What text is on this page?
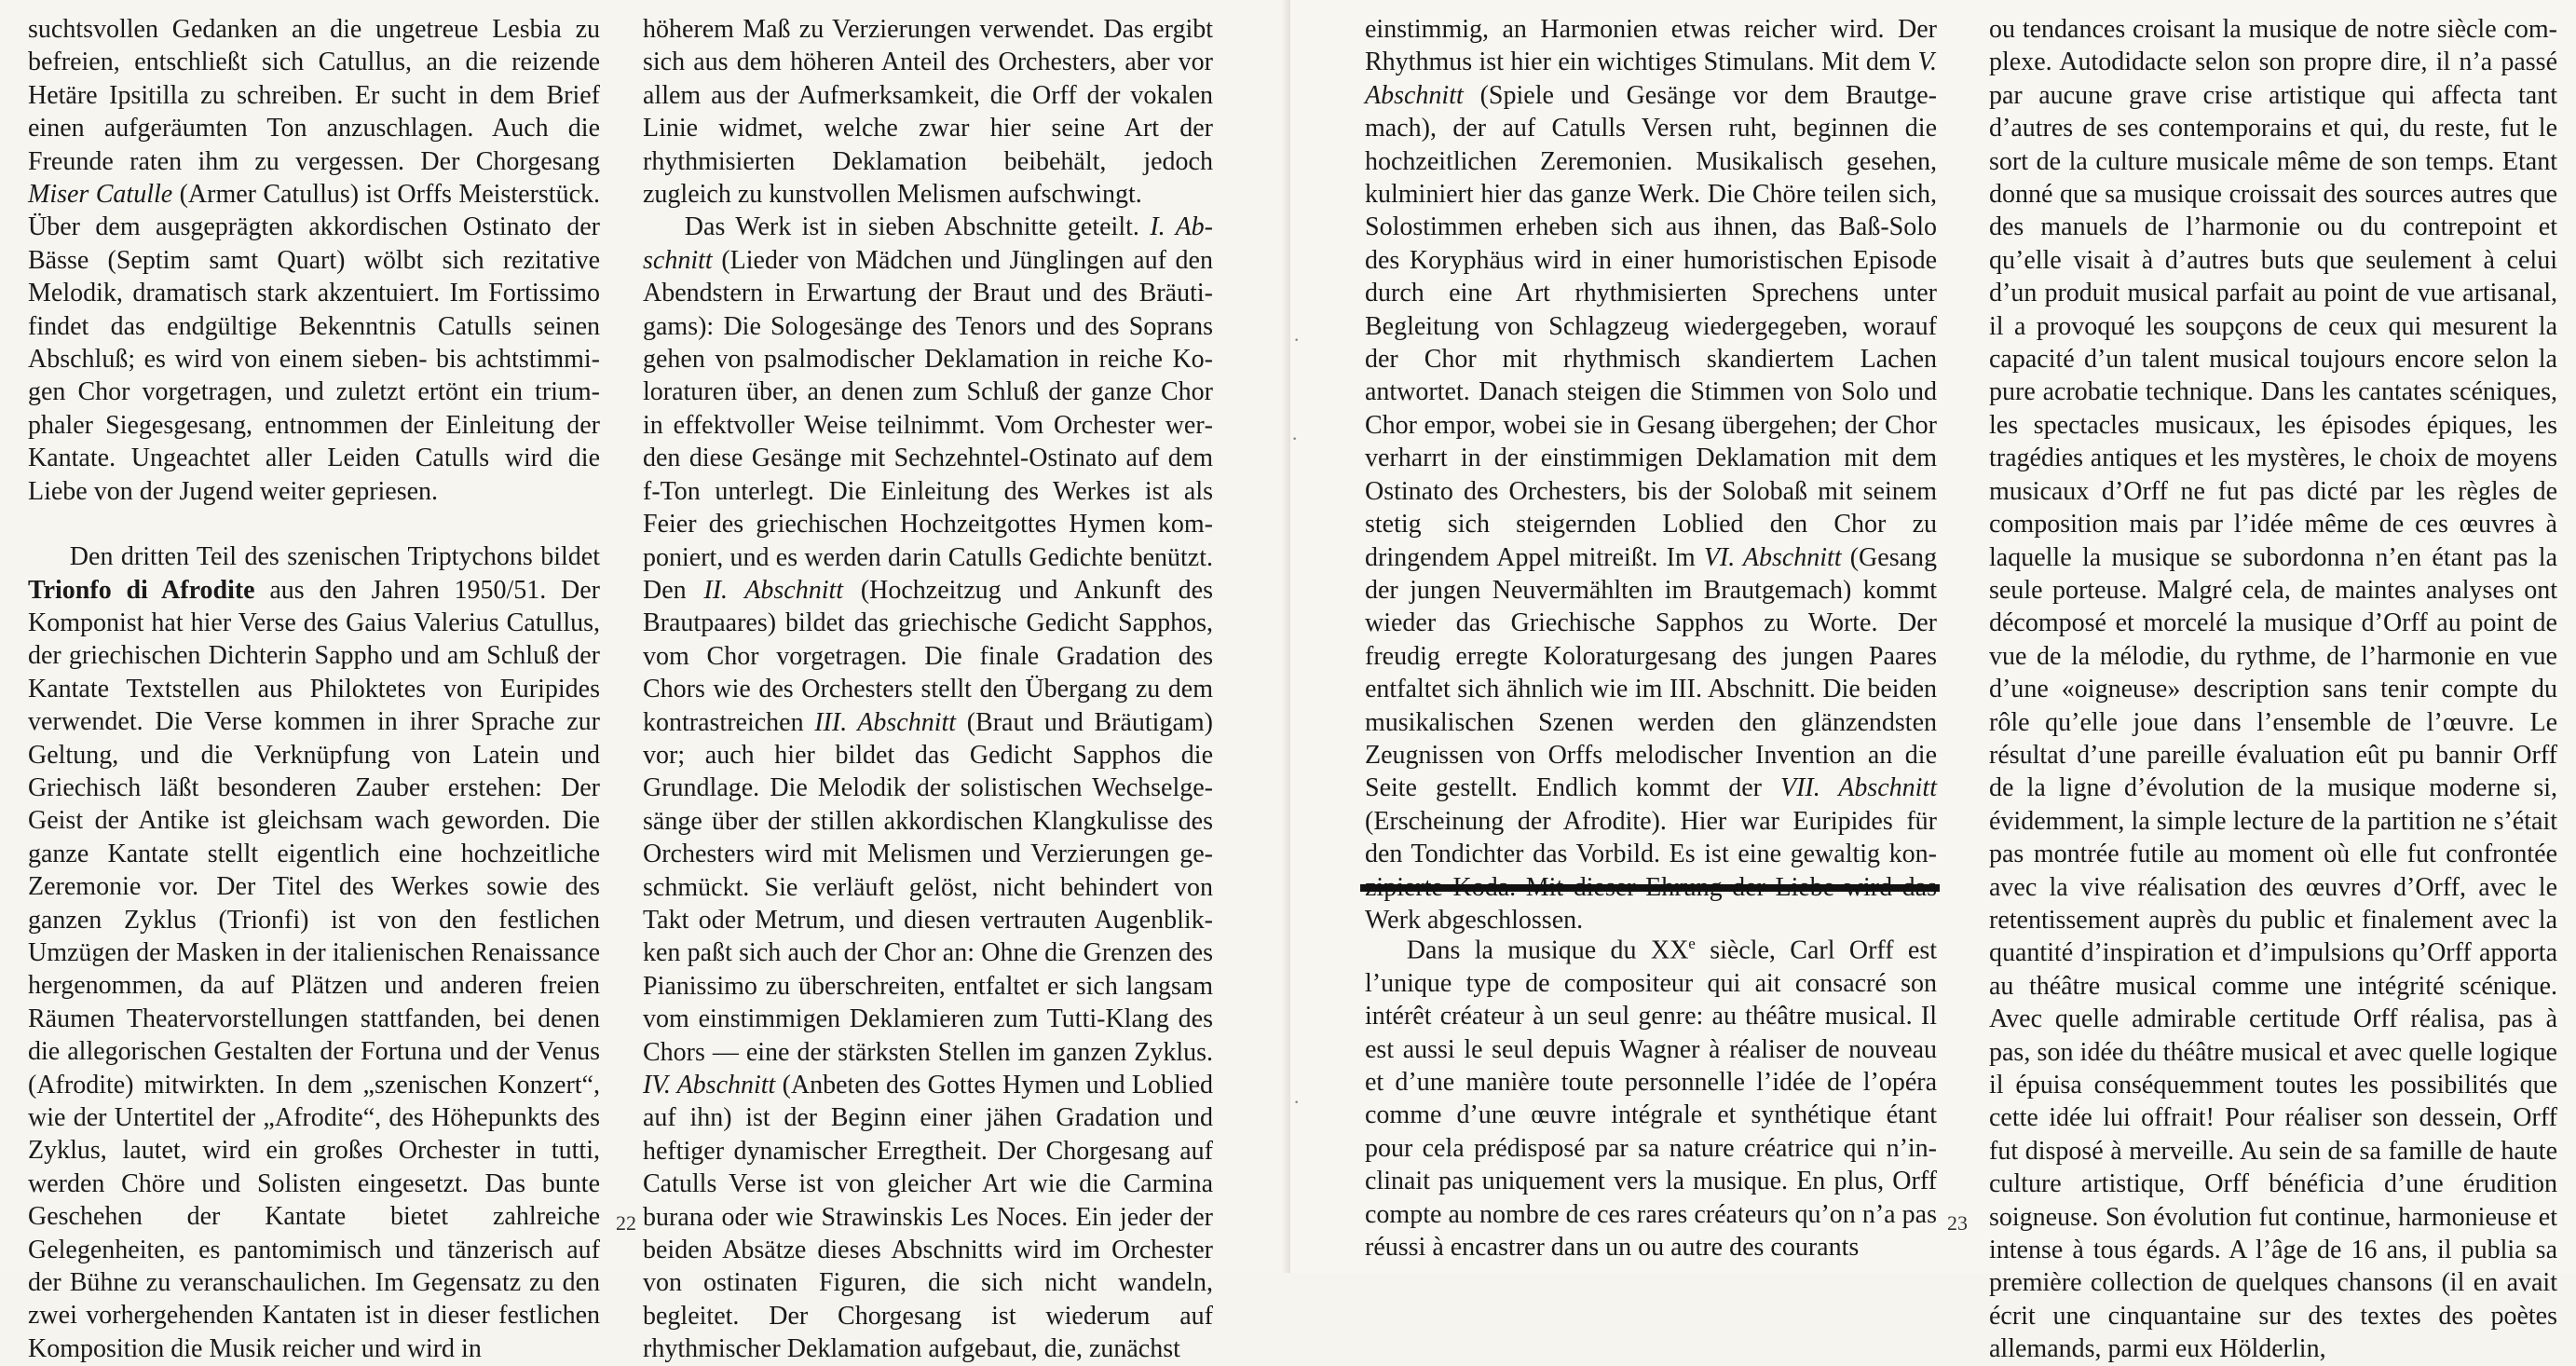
suchtsvollen Gedanken an die ungetreue Lesbia zu befreien, entschließt sich Catullus, an die reizende Hetäre Ipsitilla zu schreiben. Er sucht in dem Brief einen aufgeräumten Ton anzuschlagen. Auch die Freunde raten ihm zu vergessen. Der Chorgesang Miser Catulle (Armer Catullus) ist Orffs Meisterstück. Über dem ausgeprägten akkordischen Ostinato der Bässe (Septim samt Quart) wölbt sich rezitative Melodik, dramatisch stark akzentuiert. Im Fortissimo findet das endgültige Bekenntnis Catulls seinen Abschluß; es wird von einem sieben- bis achtstimmigen Chor vorgetragen, und zuletzt ertönt ein triumphaler Siegesgesang, entnommen der Einleitung der Kantate. Ungeachtet aller Leiden Catulls wird die Liebe von der Jugend weiter gepriesen.

Den dritten Teil des szenischen Triptychons bildet Trionfo di Afrodite aus den Jahren 1950/51. Der Komponist hat hier Verse des Gaius Valerius Catullus, der griechischen Dichterin Sappho und am Schluß der Kantate Textstellen aus Philoktetes von Euripides verwendet. Die Verse kommen in ihrer Sprache zur Geltung, und die Verknüpfung von Latein und Griechisch läßt besonderen Zauber erstehen: Der Geist der Antike ist gleichsam wach geworden. Die ganze Kantate stellt eigentlich eine hochzeitliche Zeremonie vor. Der Titel des Werkes sowie des ganzen Zyklus (Trionfi) ist von den festlichen Umzügen der Masken in der italienischen Renaissance hergenommen, da auf Plätzen und anderen freien Räumen Theatervorstellungen stattfanden, bei denen die allegorischen Gestalten der Fortuna und der Venus (Afrodite) mitwirkten. In dem „szenischen Konzert“, wie der Untertitel der „Afrodite“, des Höhepunkts des Zyklus, lautet, wird ein großes Orchester in tutti, werden Chöre und Solisten eingesetzt. Das bunte Geschehen der Kantate bietet zahlreiche Gelegenheiten, es pantomimisch und tänzerisch auf der Bühne zu veranschaulichen. Im Gegensatz zu den zwei vorhergehenden Kantaten ist in dieser festlichen Komposition die Musik reicher und wird in

höherem Maß zu Verzierungen verwendet. Das ergibt sich aus dem höheren Anteil des Orchesters, aber vor allem aus der Aufmerksamkeit, die Orff der vokalen Linie widmet, welche zwar hier seine Art der rhythmisierten Deklamation beibehält, jedoch zugleich zu kunstvollen Melismen aufschwingt.

Das Werk ist in sieben Abschnitte geteilt. I. Abschnitt (Lieder von Mädchen und Jünglingen auf den Abendstern in Erwartung der Braut und des Bräutigams): Die Sologesänge des Tenors und des Soprans gehen von psalmodischer Deklamation in reiche Koloraturen über, an denen zum Schluß der ganze Chor in effektvoller Weise teilnimmt. Vom Orchester werden diese Gesänge mit Sechzehntel-Ostinato auf dem f-Ton unterlegt. Die Einleitung des Werkes ist als Feier des griechischen Hochzeitgottes Hymen komponiert, und es werden darin Catulls Gedichte benützt. Den II. Abschnitt (Hochzeitzug und Ankunft des Brautpaares) bildet das griechische Gedicht Sapphos, vom Chor vorgetragen. Die finale Gradation des Chors wie des Orchesters stellt den Übergang zu dem kontrastreichen III. Abschnitt (Braut und Bräutigam) vor; auch hier bildet das Gedicht Sapphos die Grundlage. Die Melodik der solistischen Wechselgesänge über der stillen akkordischen Klangkulisse des Orchesters wird mit Melismen und Verzierungen geschmückt. Sie verläuft gelöst, nicht behindert von Takt oder Metrum, und diesen vertrauten Augenblikken paßt sich auch der Chor an: Ohne die Grenzen des Pianissimo zu überschreiten, entfaltet er sich langsam vom einstimmigen Deklamieren zum Tutti-Klang des Chors — eine der stärksten Stellen im ganzen Zyklus. IV. Abschnitt (Anbeten des Gottes Hymen und Loblied auf ihn) ist der Beginn einer jähen Gradation und heftiger dynamischer Erregtheit. Der Chorgesang auf Catulls Verse ist von gleicher Art wie die Carmina burana oder wie Strawinskis Les Noces. Ein jeder der beiden Absätze dieses Abschnitts wird im Orchester von ostinaten Figuren, die sich nicht wandeln, begleitet. Der Chorgesang ist wiederum auf rhythmischer Deklamation aufgebaut, die, zunächst

22

einstimmig, an Harmonien etwas reicher wird. Der Rhythmus ist hier ein wichtiges Stimulans. Mit dem V. Abschnitt (Spiele und Gesänge vor dem Brautgemach), der auf Catulls Versen ruht, beginnen die hochzeitlichen Zeremonien. Musikalisch gesehen, kulminiert hier das ganze Werk. Die Chöre teilen sich, Solostimmen erheben sich aus ihnen, das Baß-Solo des Koryphäus wird in einer humoristischen Episode durch eine Art rhythmisierten Sprechens unter Begleitung von Schlagzeug wiedergegeben, worauf der Chor mit rhythmisch skandiertem Lachen antwortet. Danach steigen die Stimmen von Solo und Chor empor, wobei sie in Gesang übergehen; der Chor verharrt in der einstimmigen Deklamation mit dem Ostinato des Orchesters, bis der Solobaß mit seinem stetig sich steigernden Loblied den Chor zu dringendem Appel mitreißt. Im VI. Abschnitt (Gesang der jungen Neuvermählten im Brautgemach) kommt wieder das Griechische Sapphos zu Worte. Der freudig erregte Koloraturgesang des jungen Paares entfaltet sich ähnlich wie im III. Abschnitt. Die beiden musikalischen Szenen werden den glänzendsten Zeugnissen von Orffs melodischer Invention an die Seite gestellt. Endlich kommt der VII. Abschnitt (Erscheinung der Afrodite). Hier war Euripides für den Tondichter das Vorbild. Es ist eine gewaltig kon Werk abgeschlossen.

Dans la musique du XXe siècle, Carl Orff est l’unique type de compositeur qui ait consacré son intérêt créateur à un seul genre: au théâtre musical. Il est aussi le seul depuis Wagner à réaliser de nouveau et d’une manière toute personnelle l’idée de l’opéra comme d’une œuvre intégrale et synthétique étant pour cela prédisposé par sa nature créatrice qui n’inclinait pas uniquement vers la musique. En plus, Orff compte au nombre de ces rares créateurs qu’on n’a pas réussi à encastrer dans un ou autre des courants

ou tendances croisant la musique de notre siècle complexe. Autodidacte selon son propre dire, il n’a passé par aucune grave crise artistique qui affecta tant d’autres de ses contemporains et qui, du reste, fut le sort de la culture musicale même de son temps. Etant donné que sa musique croissait des sources autres que des manuels de l’harmonie ou du contrepoint et qu’elle visait à d’autres buts que seulement à celui d’un produit musical parfait au point de vue artisanal, il a provoqué les soupçons de ceux qui mesurent la capacité d’un talent musical toujours encore selon la pure acrobatie technique. Dans les cantates scéniques, les spectacles musicaux, les épisodes épiques, les tragédies antiques et les mystères, le choix de moyens musicaux d’Orff ne fut pas dicté par les règles de composition mais par l’idée même de ces œuvres à laquelle la musique se subordonna n’en étant pas la seule porteuse. Malgré cela, de maintes analyses ont décomposé et morcelé la musique d’Orff au point de vue de la mélodie, du rythme, de l’harmonie en vue d’une «oigneuse» description sans tenir compte du rôle qu’elle joue dans l’ensemble de l’œuvre. Le résultat d’une pareille évaluation eût pu bannir Orff de la ligne d’évolution de la musique moderne si, évidemment, la simple lecture de la partition ne s’était pas montrée futile au moment où elle fut confrontée avec la vive réalisation des œuvres d’Orff, avec le retentissement auprès du public et finalement avec la quantité d’inspiration et d’impulsions qu’Orff apporta au théâtre musical comme une intégrité scénique. Avec quelle admirable certitude Orff réalisa, pas à pas, son idée du théâtre musical et avec quelle logique il épuisa conséquemment toutes les possibilités que cette idée lui offrait! Pour réaliser son dessein, Orff fut disposé à merveille. Au sein de sa famille de haute culture artistique, Orff bénéficia d’une érudition soigneuse. Son évolution fut continue, harmonieuse et intense à tous égards. A l’âge de 16 ans, il publia sa première collection de quelques chansons (il en avait écrit une cinquantaine sur des textes des poètes allemands, parmi eux Hölderlin,

23
·
·
·
